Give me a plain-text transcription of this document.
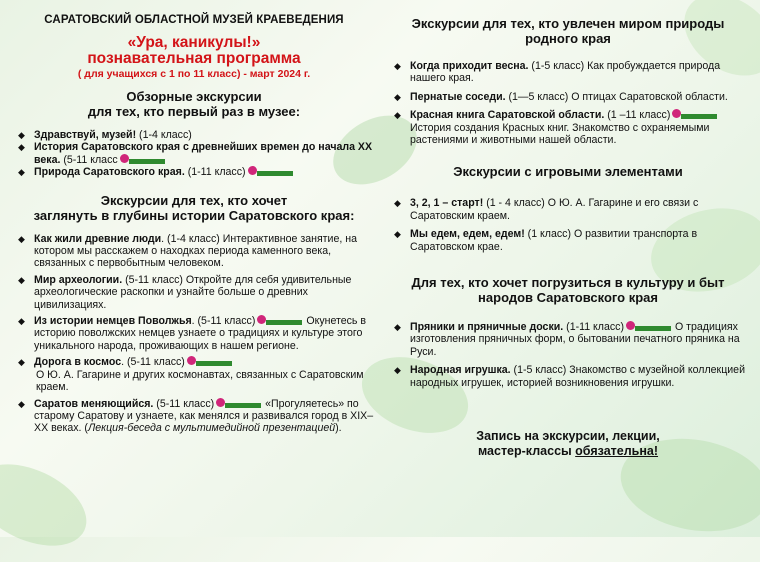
САРАТОВСКИЙ ОБЛАСТНОЙ МУЗЕЙ КРАЕВЕДЕНИЯ
«Ура, каникулы!»
познавательная программа
( для учащихся с 1 по 11 класс) - март 2024 г.
Обзорные экскурсии
для тех, кто первый раз в музее:
◆ Здравствуй, музей! (1-4 класс)
◆ История Саратовского края с древнейших времен до начала XX века. (5-11 класс
◆ Природа Саратовского края. (1-11 класс)
Экскурсии для тех, кто хочет
заглянуть в глубины истории Саратовского края:
◆ Как жили древние люди. (1-4 класс) Интерактивное занятие, на котором мы расскажем о находках периода каменного века, связанных с первобытным человеком.
◆ Мир археологии. (5-11 класс) Откройте для себя удивительные археологические раскопки и узнайте больше о древних цивилизациях.
◆ Из истории немцев Поволжья. (5-11 класс)	Окунетесь в историю поволжских немцев узнаете о традициях и культуре этого уникального народа, проживающих в нашем регионе.
◆ Дорога в космос. (5-11 класс)
О Ю. А. Гагарине и других космонавтах, связанных с Саратовским краем.
◆ Саратов меняющийся. (5-11 класс)	«Прогуляетесь» по старому Саратову и узнаете, как менялся и развивался город в XIX– XX веках. (Лекция-беседа с мультимедийной презентацией).
Экскурсии для тех, кто увлечен миром природы
родного края
◆ Когда приходит весна. (1-5 класс) Как пробуждается природа нашего края.
◆ Пернатые соседи. (1—5 класс) О птицах Саратовской области.
◆ Красная книга Саратовской области. (1 –11 класс)
История создания Красных книг. Знакомство с охраняемыми растениями и животными нашей области.
Экскурсии с игровыми элементами
◆ 3, 2, 1 – старт! (1 - 4 класс) О Ю. А. Гагарине и его связи с Саратовским краем.
◆ Мы едем, едем, едем! (1 класс) О развитии транспорта в Саратовском крае.
Для тех, кто хочет погрузиться в культуру и быт
народов Саратовского края
◆ Пряники и пряничные доски. (1-11 класс)	О традициях изготовления пряничных форм, о бытовании печатного пряника на Руси.
◆ Народная игрушка. (1-5 класс) Знакомство с музейной коллекцией народных игрушек, историей возникновения игрушки.
Запись на экскурсии, лекции,
мастер-классы обязательна!
